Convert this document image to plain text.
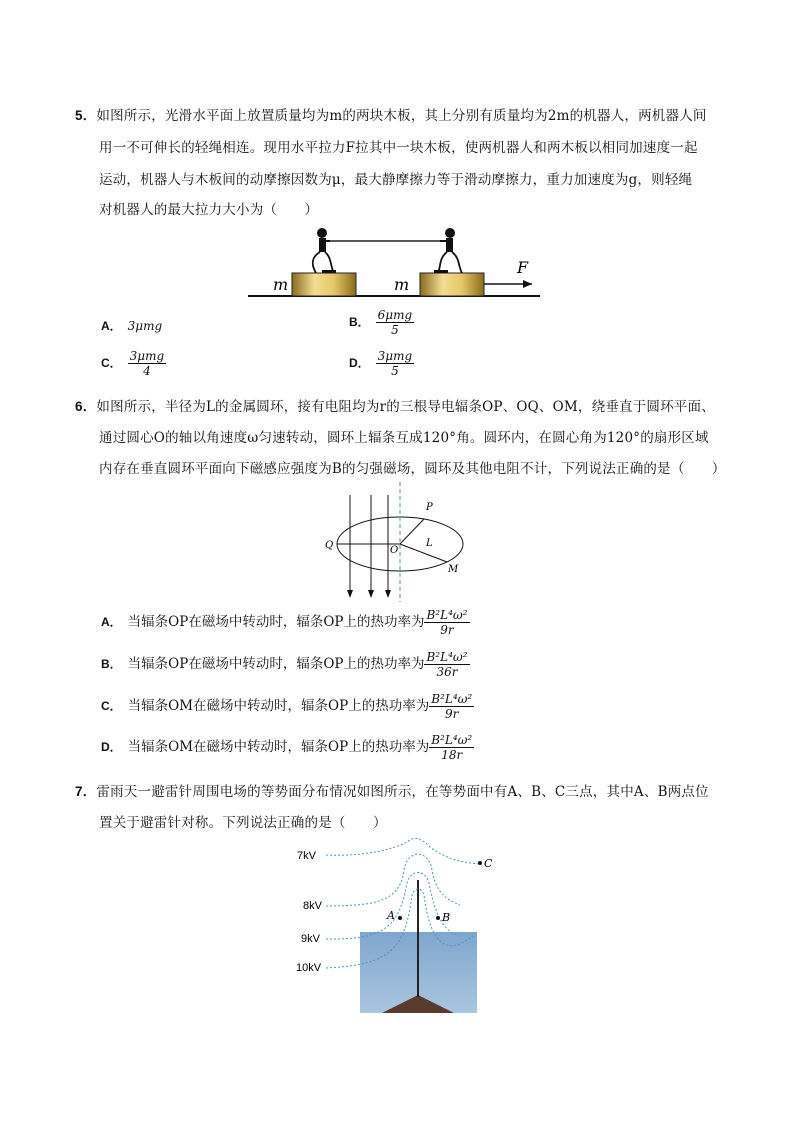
5．如图所示，光滑水平面上放置质量均为m的两块木板，其上分别有质量均为2m的机器人，两机器人间
用一不可伸长的轻绳相连。现用水平拉力F拉其中一块木板，使两机器人和两木板以相同加速度一起
运动，机器人与木板间的动摩擦因数为μ，最大静摩擦力等于滑动摩擦力，重力加速度为g，则轻绳
对机器人的最大拉力大小为（　　）
m	m
F
A． 3μmg	B． $\frac{\text{6μmg}}{5}$
C． $\frac{\text{3μmg}}{4}$	D． $\frac{\text{3μmg}}{5}$
6．如图所示，半径为L的金属圆环，接有电阻均为r的三根导电辐条OP、OQ、OM，绕垂直于圆环平面、
通过圆心O的轴以角速度ω匀速转动，圆环上辐条互成120°角。圆环内，在圆心角为120°的扇形区域
内存在垂直圆环平面向下磁感应强度为B的匀强磁场，圆环及其他电阻不计，下列说法正确的是（　　）
P
Q	O
L
M
A． 当辐条OP在磁场中转动时，辐条OP上的热功率为 $\frac{\text{B²L⁴ω²}}{9r}$
B． 当辐条OP在磁场中转动时，辐条OP上的热功率为 $\frac{\text{B²L⁴ω²}}{36r}$
C． 当辐条OM在磁场中转动时，辐条OP上的热功率为 $\frac{\text{B²L⁴ω²}}{9r}$
D． 当辐条OM在磁场中转动时，辐条OP上的热功率为 $\frac{\text{B²L⁴ω²}}{18r}$
7．雷雨天一避雷针周围电场的等势面分布情况如图所示，在等势面中有A、B、C三点，其中A、B两点位
置关于避雷针对称。下列说法正确的是（　　）
7kV
8kV
9kV
10kV
A	B
C
